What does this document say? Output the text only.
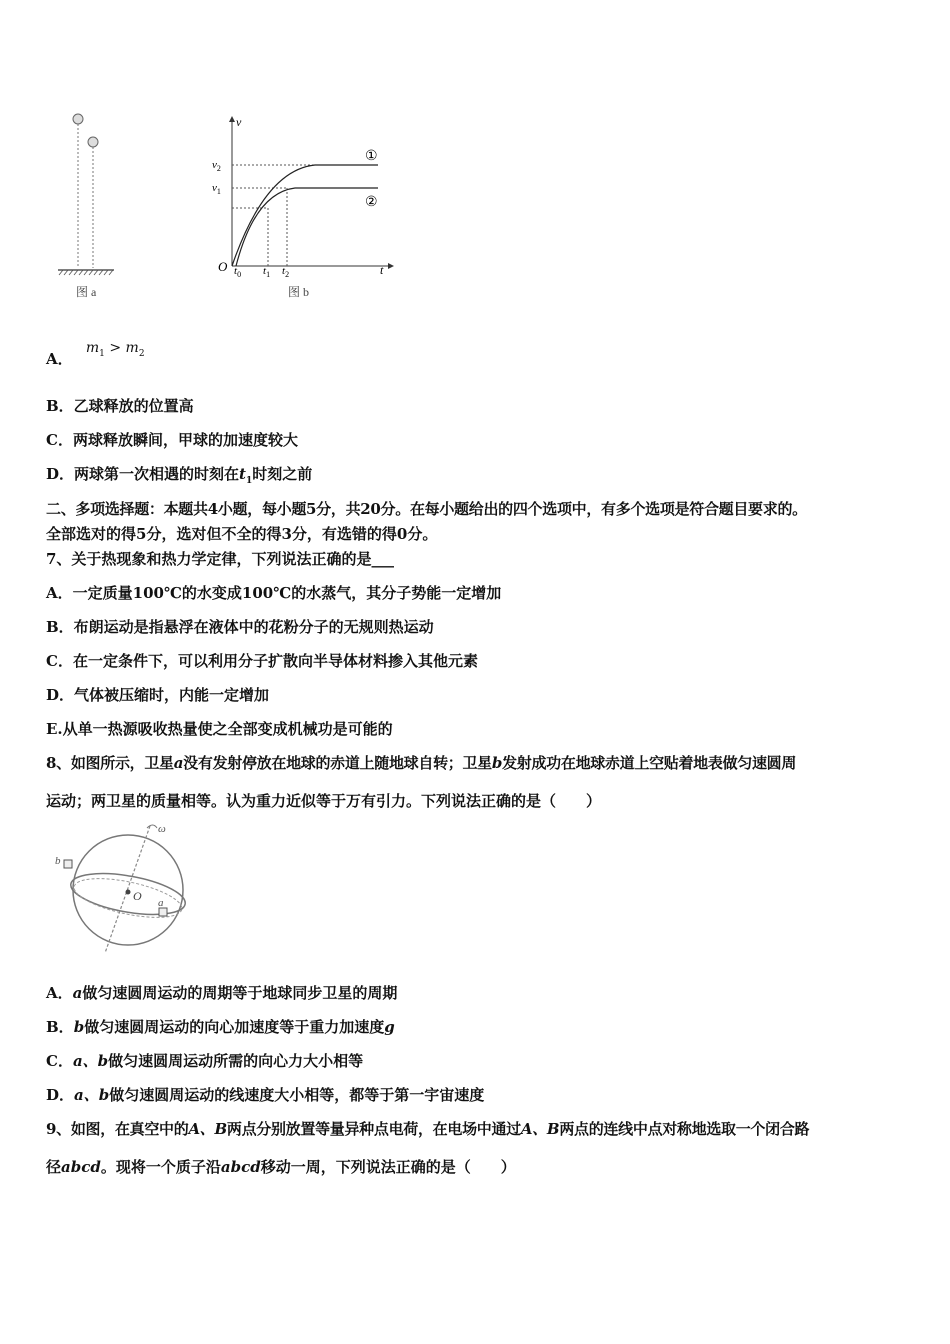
图 a
v
t
O
$v_2$
$v_1$
$t_0$ $t_1$ $t_2$
①
②
图 b
A． $m_1 > m_2$
B．乙球释放的位置高
C．两球释放瞬间，甲球的加速度较大
D．两球第一次相遇的时刻在$t_1$时刻之前
二、多项选择题：本题共4小题，每小题5分，共20分。在每小题给出的四个选项中，有多个选项是符合题目要求的。
全部选对的得5分，选对但不全的得3分，有选错的得0分。
7、关于热现象和热力学定律，下列说法正确的是___
A．一定质量100℃的水变成100℃的水蒸气，其分子势能一定增加
B．布朗运动是指悬浮在液体中的花粉分子的无规则热运动
C．在一定条件下，可以利用分子扩散向半导体材料掺入其他元素
D．气体被压缩时，内能一定增加
E.从单一热源吸收热量使之全部变成机械功是可能的
8、如图所示，卫星a没有发射停放在地球的赤道上随地球自转；卫星b发射成功在地球赤道上空贴着地表做匀速圆周
运动；两卫星的质量相等。认为重力近似等于万有引力。下列说法正确的是（　　）
ω
O
b
a
A．a做匀速圆周运动的周期等于地球同步卫星的周期
B．b做匀速圆周运动的向心加速度等于重力加速度g
C．a、b做匀速圆周运动所需的向心力大小相等
D．a、b做匀速圆周运动的线速度大小相等，都等于第一宇宙速度
9、如图，在真空中的A、B两点分别放置等量异种点电荷，在电场中通过A、B两点的连线中点对称地选取一个闭合路
径abcd。现将一个质子沿abcd移动一周，下列说法正确的是（　　）
